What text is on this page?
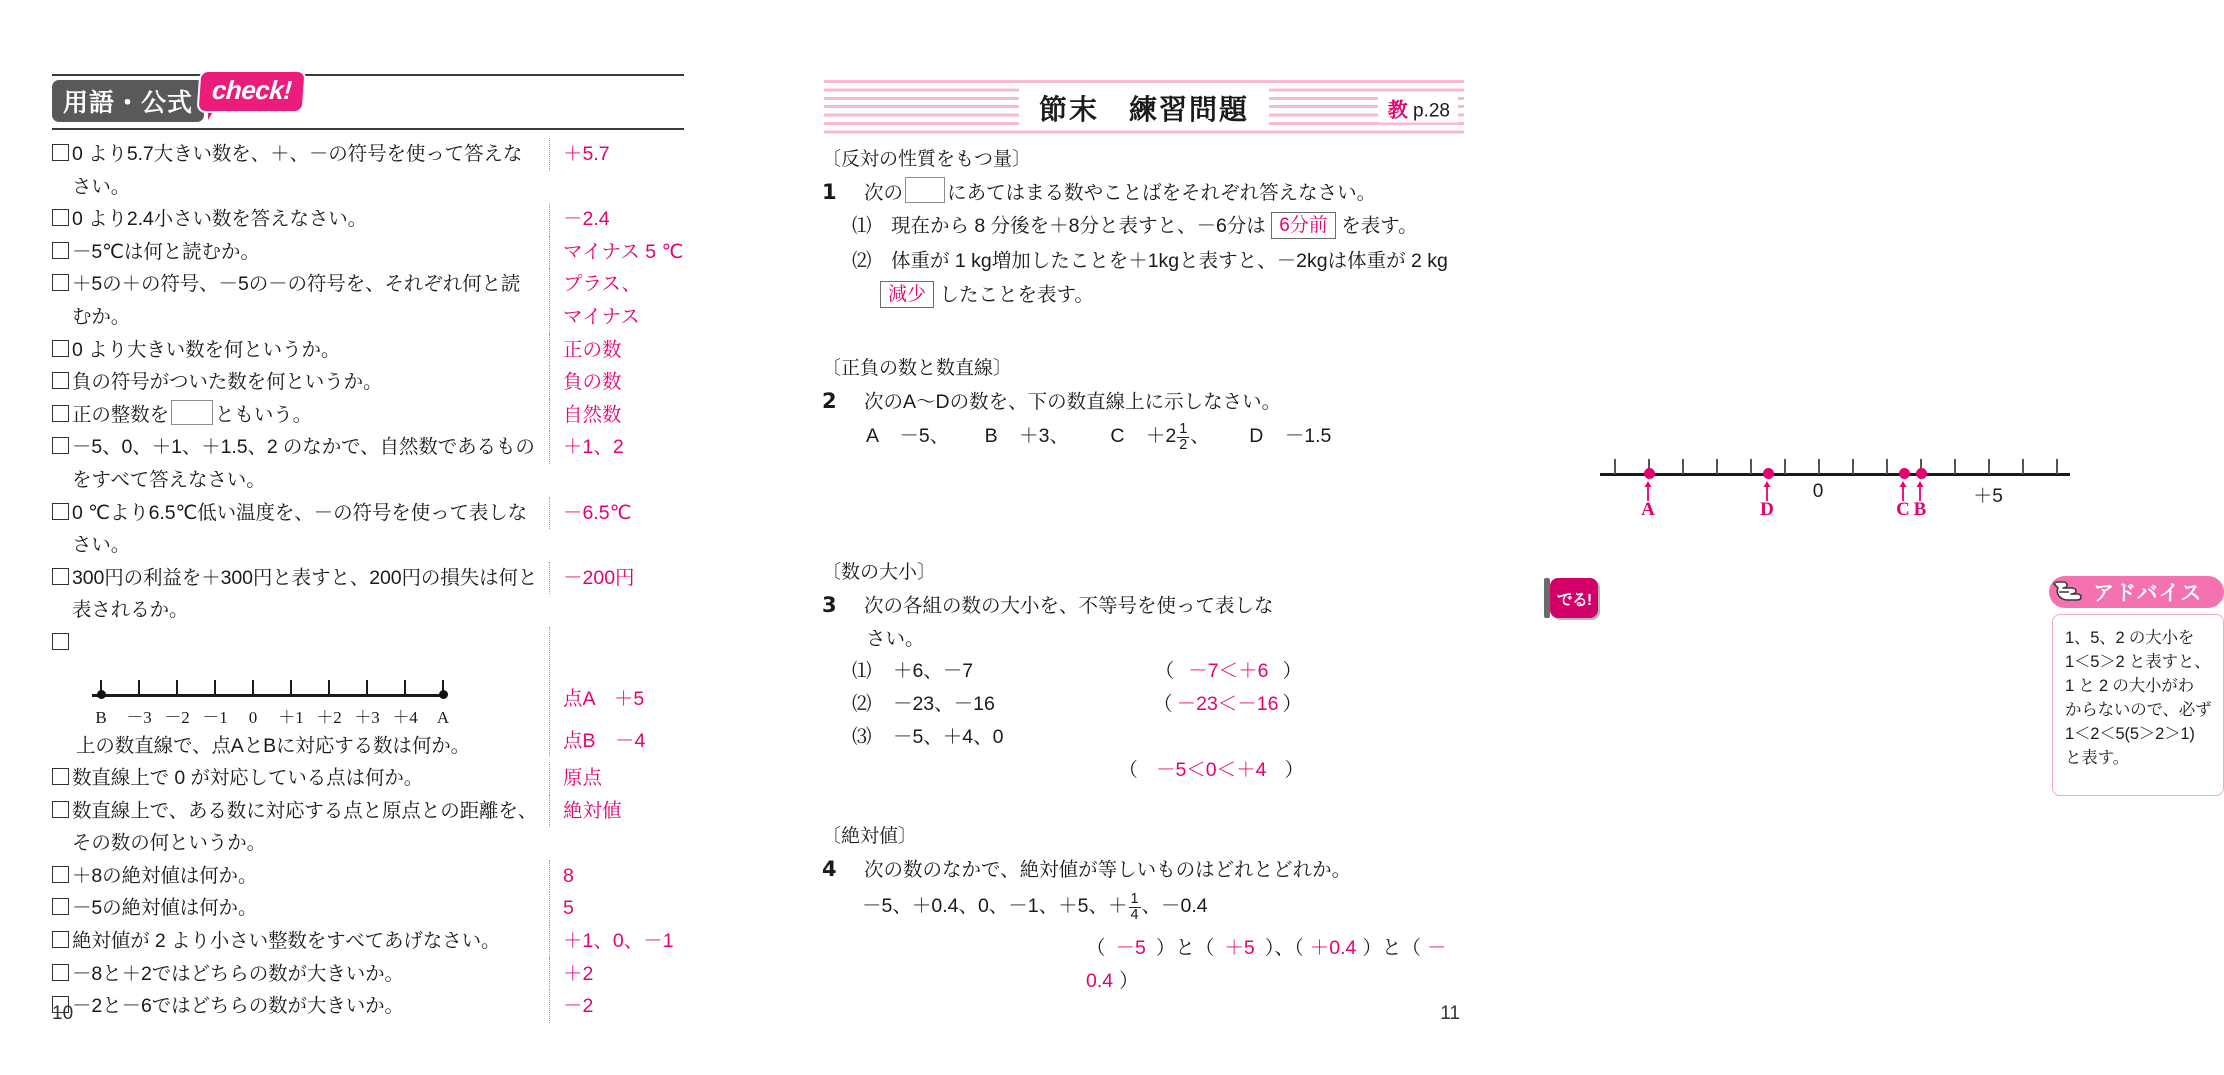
用語・公式 check!
0 より5.7大きい数を、＋、－の符号を使って答えな
さい。
＋5.7
0 より2.4小さい数を答えなさい。	－2.4
－5℃は何と読むか。	マイナス 5 ℃
＋5の＋の符号、－5の－の符号を、それぞれ何と読
むか。
プラス、
マイナス
0 より大きい数を何というか。	正の数
負の符号がついた数を何というか。	負の数
正の整数を ともいう。	自然数
－5、0、＋1、＋1.5、2 のなかで、自然数であるもの
をすべて答えなさい。
＋1、2
0 ℃より6.5℃低い温度を、－の符号を使って表しな
さい。
－6.5℃
300円の利益を＋300円と表すと、200円の損失は何と
表されるか。
－200円
B －3 －2 －1 0 ＋1 ＋2 ＋3 ＋4 A
上の数直線で、点AとBに対応する数は何か。
点A　＋5
点B　－4
数直線上で 0 が対応している点は何か。	原点
数直線上で、ある数に対応する点と原点との距離を、
その数の何というか。
絶対値
＋8の絶対値は何か。	8
－5の絶対値は何か。	5
絶対値が 2 より小さい整数をすべてあげなさい。	＋1、0、－1
－8と＋2ではどちらの数が大きいか。	＋2
－2と－6ではどちらの数が大きいか。	－2
10
節末　練習問題	教 p.28
〔反対の性質をもつ量〕
1 次の にあてはまる数やことばをそれぞれ答えなさい。
⑴ 現在から 8 分後を＋8分と表すと、－6分は 6分前 を表す。
⑵ 体重が 1 kg増加したことを＋1kgと表すと、－2kgは体重が 2 kg
減少 したことを表す。
〔正負の数と数直線〕
2 次のA〜Dの数を、下の数直線上に示しなさい。
A －5、 B ＋3、 $C +2 \frac{1}{2}$ 、 D －1.5
0	＋5
A	D	C B
〔数の大小〕
でる!
3 次の各組の数の大小を、不等号を使って表しな
さい。
⑴ ＋6、－7	（ －7＜＋6 ）
⑵ －23、－16	（ －23＜－16 ）
⑶ －5、＋4、0
（ －5＜0＜＋4 ）
アドバイス
1、5、2 の大小を
1＜5＞2 と表すと、
1 と 2 の大小がわ
からないので、必ず
1＜2＜5(5＞2＞1)
と表す。
〔絶対値〕
4 次の数のなかで、絶対値が等しいものはどれとどれか。
－5、＋0.4、0、－1、＋5、＋ $\frac{1}{4}$ 、－0.4
（ －5 ）と（ ＋5 ）、（ ＋0.4 ）と（ －0.4 ）
11
